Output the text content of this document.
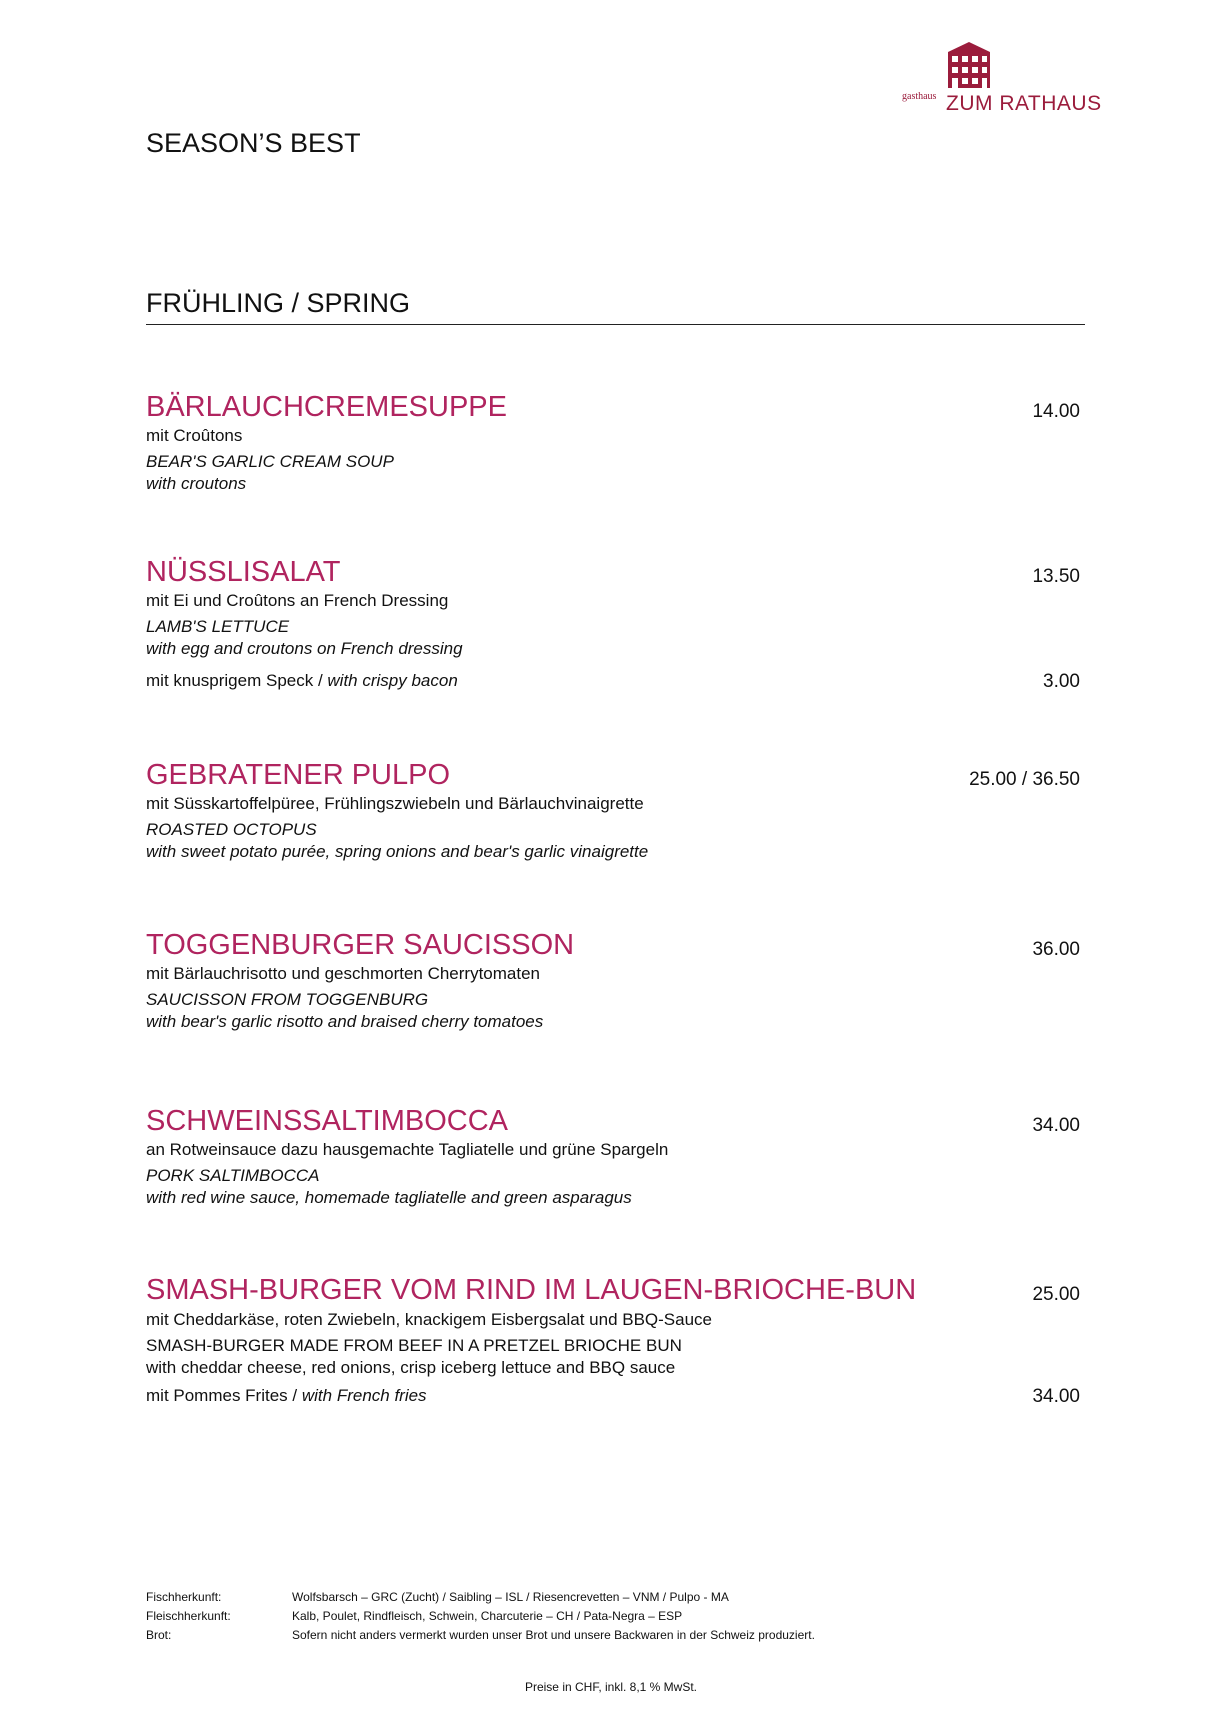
gasthaus ZUM RATHAUS
SEASON’S BEST
FRÜHLING / SPRING
BÄRLAUCHCREMESUPPE	14.00
mit Croûtons
BEAR'S GARLIC CREAM SOUP
with croutons
NÜSSLISALAT	13.50
mit Ei und Croûtons an French Dressing
LAMB'S LETTUCE
with egg and croutons on French dressing
mit knusprigem Speck / with crispy bacon	3.00
GEBRATENER PULPO	25.00 / 36.50
mit Süsskartoffelpüree, Frühlingszwiebeln und Bärlauchvinaigrette
ROASTED OCTOPUS
with sweet potato purée, spring onions and bear's garlic vinaigrette
TOGGENBURGER SAUCISSON	36.00
mit Bärlauchrisotto und geschmorten Cherrytomaten
SAUCISSON FROM TOGGENBURG
with bear's garlic risotto and braised cherry tomatoes
SCHWEINSSALTIMBOCCA	34.00
an Rotweinsauce dazu hausgemachte Tagliatelle und grüne Spargeln
PORK SALTIMBOCCA
with red wine sauce, homemade tagliatelle and green asparagus
SMASH-BURGER VOM RIND IM LAUGEN-BRIOCHE-BUN	25.00
mit Cheddarkäse, roten Zwiebeln, knackigem Eisbergsalat und BBQ-Sauce
SMASH-BURGER MADE FROM BEEF IN A PRETZEL BRIOCHE BUN
with cheddar cheese, red onions, crisp iceberg lettuce and BBQ sauce
mit Pommes Frites / with French fries	34.00
Fischherkunft:	Wolfsbarsch – GRC (Zucht) / Saibling – ISL / Riesencrevetten – VNM / Pulpo - MA
Fleischherkunft:	Kalb, Poulet, Rindfleisch, Schwein, Charcuterie – CH / Pata-Negra – ESP
Brot:	Sofern nicht anders vermerkt wurden unser Brot und unsere Backwaren in der Schweiz produziert.
Preise in CHF, inkl. 8,1 % MwSt.
